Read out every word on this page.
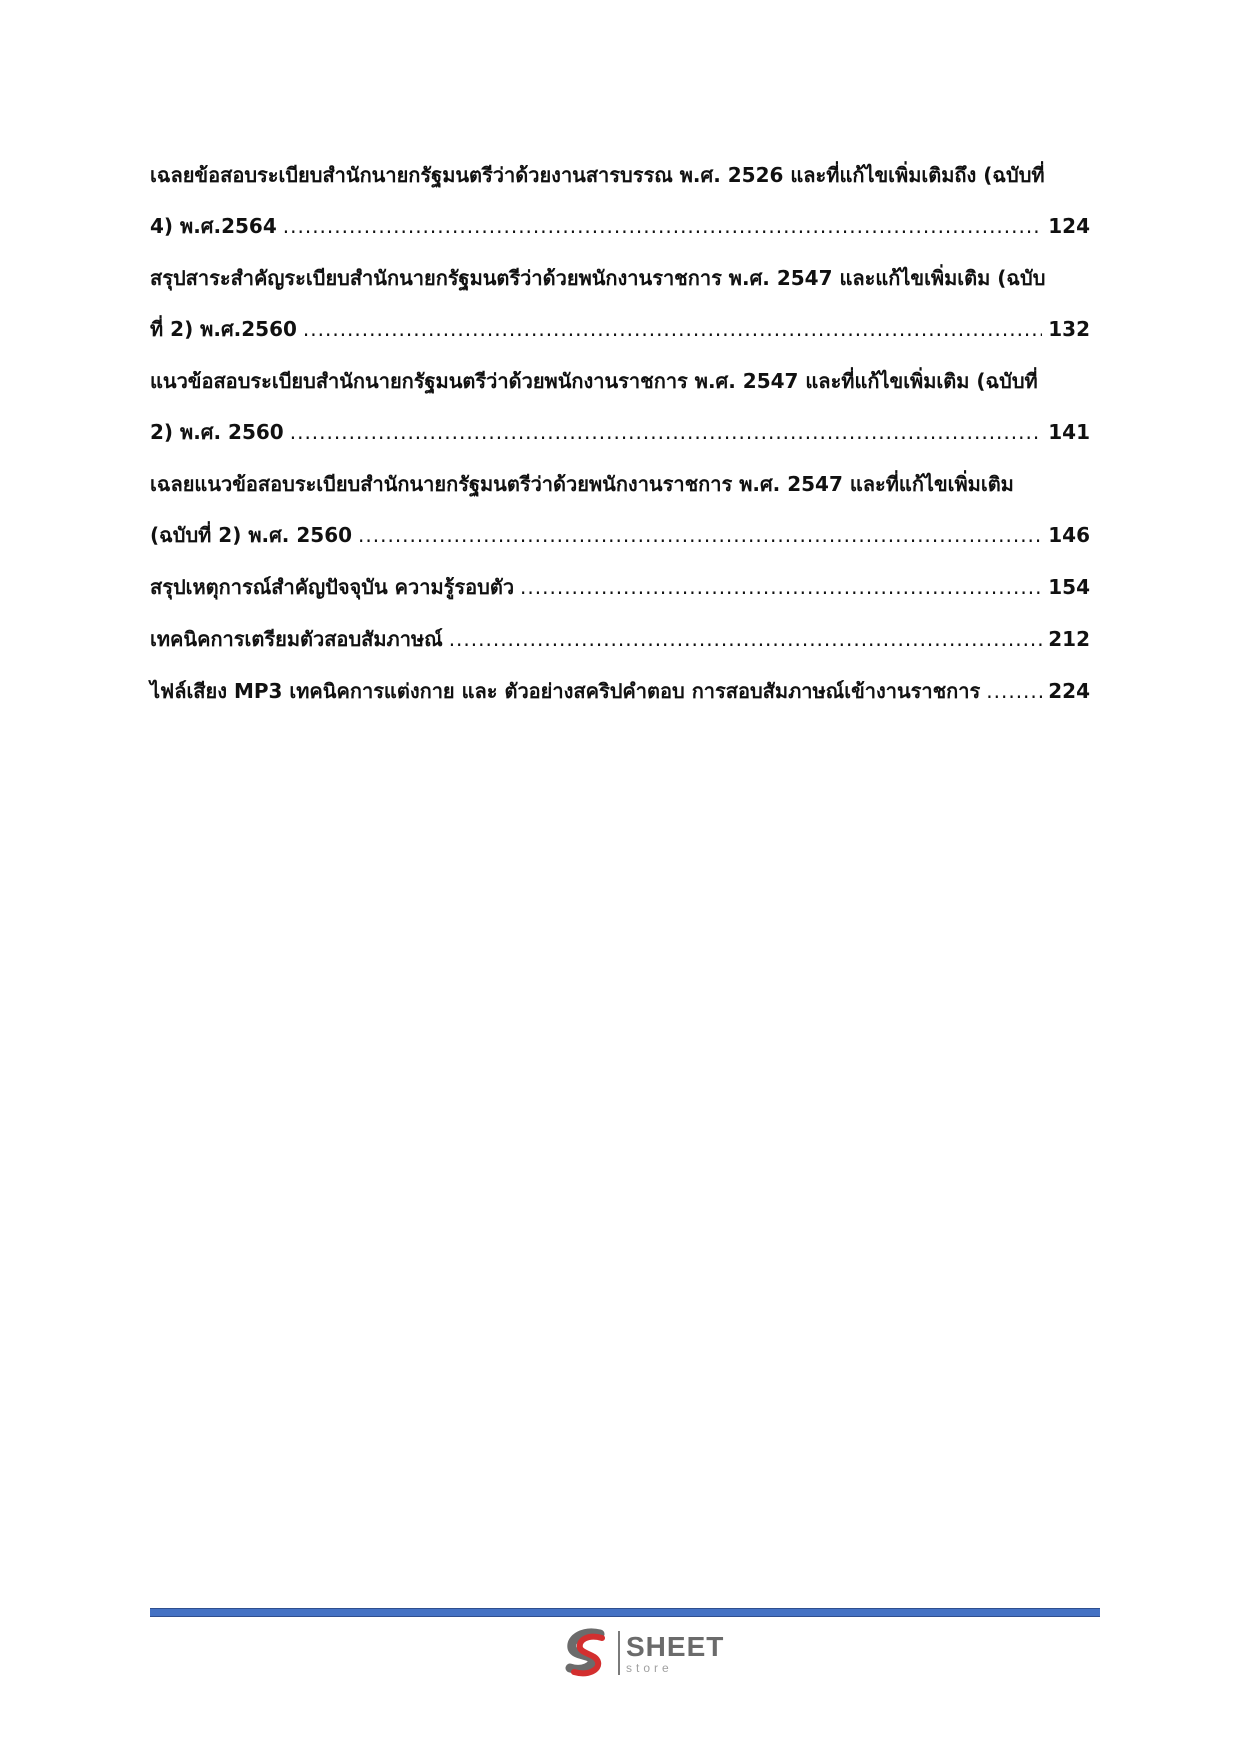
เฉลยข้อสอบระเบียบสำนักนายกรัฐมนตรีว่าด้วยงานสารบรรณ พ.ศ. 2526 และที่แก้ไขเพิ่มเติมถึง (ฉบับที่
4) พ.ศ.2564 .....	124
สรุปสาระสำคัญระเบียบสำนักนายกรัฐมนตรีว่าด้วยพนักงานราชการ พ.ศ. 2547 และแก้ไขเพิ่มเติม (ฉบับ
ที่ 2) พ.ศ.2560 .....	132
แนวข้อสอบระเบียบสำนักนายกรัฐมนตรีว่าด้วยพนักงานราชการ พ.ศ. 2547 และที่แก้ไขเพิ่มเติม (ฉบับที่
2) พ.ศ. 2560 .....	141
เฉลยแนวข้อสอบระเบียบสำนักนายกรัฐมนตรีว่าด้วยพนักงานราชการ พ.ศ. 2547 และที่แก้ไขเพิ่มเติม
(ฉบับที่ 2) พ.ศ. 2560 .....	146
สรุปเหตุการณ์สำคัญปัจจุบัน ความรู้รอบตัว .....	154
เทคนิคการเตรียมตัวสอบสัมภาษณ์ .....	212
ไฟล์เสียง MP3 เทคนิคการแต่งกาย และ ตัวอย่างสคริปคำตอบ การสอบสัมภาษณ์เข้างานราชการ .....	224
SHEET
store
